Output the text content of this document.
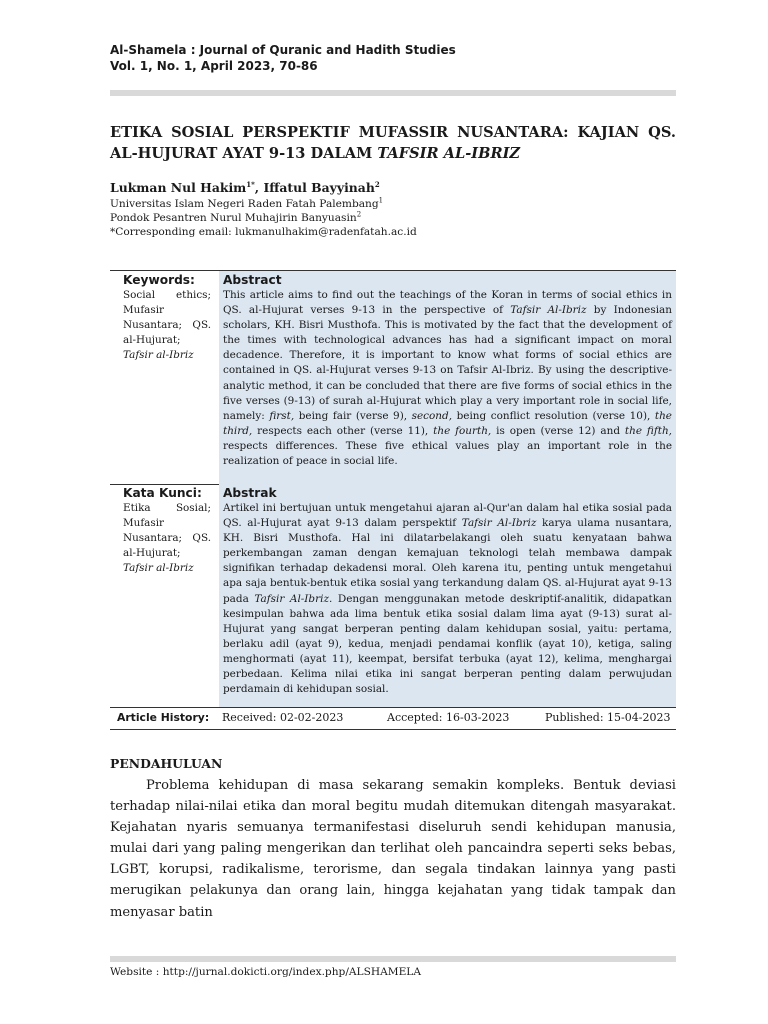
Al-Shamela : Journal of Quranic and Hadith Studies
Vol. 1, No. 1, April 2023, 70-86
ETIKA SOSIAL PERSPEKTIF MUFASSIR NUSANTARA: KAJIAN QS. AL-HUJURAT AYAT 9-13 DALAM TAFSIR AL-IBRIZ
Lukman Nul Hakim$^{1*}$, Iffatul Bayyinah$^2$
Universitas Islam Negeri Raden Fatah Palembang$^1$
Pondok Pesantren Nurul Muhajirin Banyuasin$^2$
*Corresponding email: lukmanulhakim@radenfatah.ac.id
Keywords:
Social ethics;
Mufasir
Nusantara; QS.
al-Hujurat;
Tafsir al-Ibriz
Abstract
This article aims to find out the teachings of the Koran in terms of social ethics in QS. al-Hujurat verses 9-13 in the perspective of Tafsir Al-Ibriz by Indonesian scholars, KH. Bisri Musthofa. This is motivated by the fact that the development of the times with technological advances has had a significant impact on moral decadence. Therefore, it is important to know what forms of social ethics are contained in QS. al-Hujurat verses 9-13 on Tafsir Al-Ibriz. By using the descriptive-analytic method, it can be concluded that there are five forms of social ethics in the five verses (9-13) of surah al-Hujurat which play a very important role in social life, namely: first, being fair (verse 9), second, being conflict resolution (verse 10), the third, respects each other (verse 11), the fourth, is open (verse 12) and the fifth, respects differences. These five ethical values play an important role in the realization of peace in social life.
Kata Kunci:
Etika Sosial;
Mufasir
Nusantara; QS.
al-Hujurat;
Tafsir al-Ibriz
Abstrak
Artikel ini bertujuan untuk mengetahui ajaran al-Qur'an dalam hal etika sosial pada QS. al-Hujurat ayat 9-13 dalam perspektif Tafsir Al-Ibriz karya ulama nusantara, KH. Bisri Musthofa. Hal ini dilatarbelakangi oleh suatu kenyataan bahwa perkembangan zaman dengan kemajuan teknologi telah membawa dampak signifikan terhadap dekadensi moral. Oleh karena itu, penting untuk mengetahui apa saja bentuk-bentuk etika sosial yang terkandung dalam QS. al-Hujurat ayat 9-13 pada Tafsir Al-Ibriz. Dengan menggunakan metode deskriptif-analitik, didapatkan kesimpulan bahwa ada lima bentuk etika sosial dalam lima ayat (9-13) surat al-Hujurat yang sangat berperan penting dalam kehidupan sosial, yaitu: pertama, berlaku adil (ayat 9), kedua, menjadi pendamai konflik (ayat 10), ketiga, saling menghormati (ayat 11), keempat, bersifat terbuka (ayat 12), kelima, menghargai perbedaan. Kelima nilai etika ini sangat berperan penting dalam perwujudan perdamain di kehidupan sosial.
Article History: Received: 02-02-2023	Accepted: 16-03-2023	Published: 15-04-2023
PENDAHULUAN
Problema kehidupan di masa sekarang semakin kompleks. Bentuk deviasi terhadap nilai-nilai etika dan moral begitu mudah ditemukan ditengah masyarakat. Kejahatan nyaris semuanya termanifestasi diseluruh sendi kehidupan manusia, mulai dari yang paling mengerikan dan terlihat oleh pancaindra seperti seks bebas, LGBT, korupsi, radikalisme, terorisme, dan segala tindakan lainnya yang pasti merugikan pelakunya dan orang lain, hingga kejahatan yang tidak tampak dan menyasar batin
Website : http://jurnal.dokicti.org/index.php/ALSHAMELA
